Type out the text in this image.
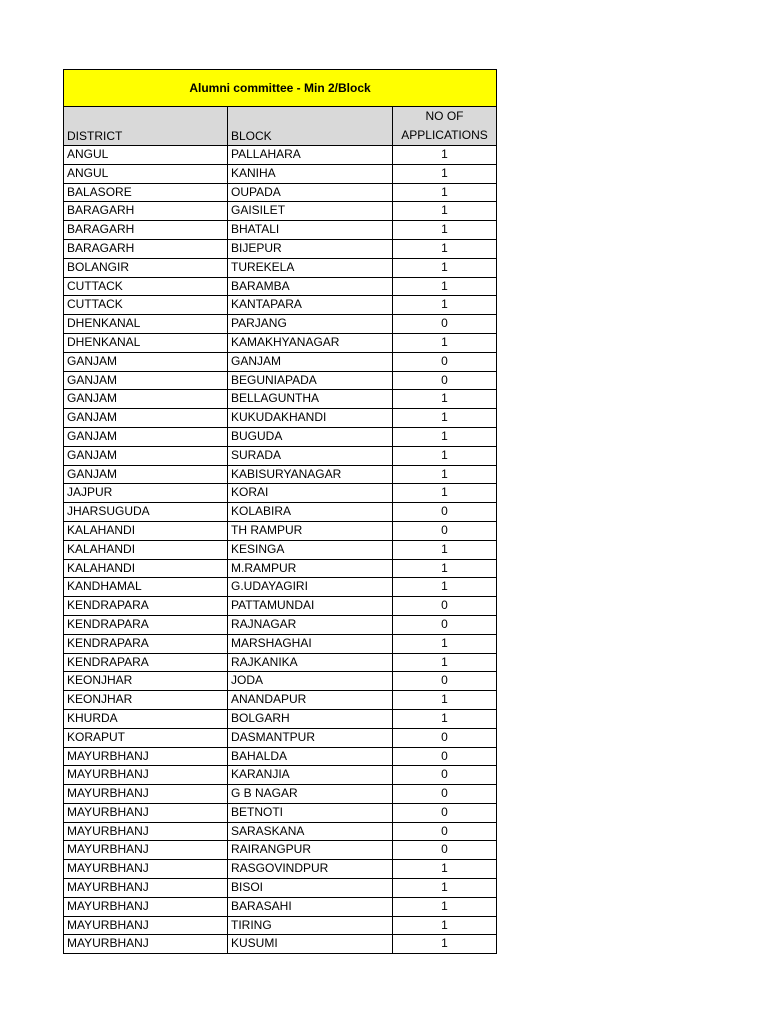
Alumni committee - Min 2/Block
DISTRICT	BLOCK
NO OF
APPLICATIONS
ANGUL	PALLAHARA	1
ANGUL	KANIHA	1
BALASORE	OUPADA	1
BARAGARH	GAISILET	1
BARAGARH	BHATALI	1
BARAGARH	BIJEPUR	1
BOLANGIR	TUREKELA	1
CUTTACK	BARAMBA	1
CUTTACK	KANTAPARA	1
DHENKANAL	PARJANG	0
DHENKANAL	KAMAKHYANAGAR	1
GANJAM	GANJAM	0
GANJAM	BEGUNIAPADA	0
GANJAM	BELLAGUNTHA	1
GANJAM	KUKUDAKHANDI	1
GANJAM	BUGUDA	1
GANJAM	SURADA	1
GANJAM	KABISURYANAGAR	1
JAJPUR	KORAI	1
JHARSUGUDA	KOLABIRA	0
KALAHANDI	TH RAMPUR	0
KALAHANDI	KESINGA	1
KALAHANDI	M.RAMPUR	1
KANDHAMAL	G.UDAYAGIRI	1
KENDRAPARA	PATTAMUNDAI	0
KENDRAPARA	RAJNAGAR	0
KENDRAPARA	MARSHAGHAI	1
KENDRAPARA	RAJKANIKA	1
KEONJHAR	JODA	0
KEONJHAR	ANANDAPUR	1
KHURDA	BOLGARH	1
KORAPUT	DASMANTPUR	0
MAYURBHANJ	BAHALDA	0
MAYURBHANJ	KARANJIA	0
MAYURBHANJ	G B NAGAR	0
MAYURBHANJ	BETNOTI	0
MAYURBHANJ	SARASKANA	0
MAYURBHANJ	RAIRANGPUR	0
MAYURBHANJ	RASGOVINDPUR	1
MAYURBHANJ	BISOI	1
MAYURBHANJ	BARASAHI	1
MAYURBHANJ	TIRING	1
MAYURBHANJ	KUSUMI	1
